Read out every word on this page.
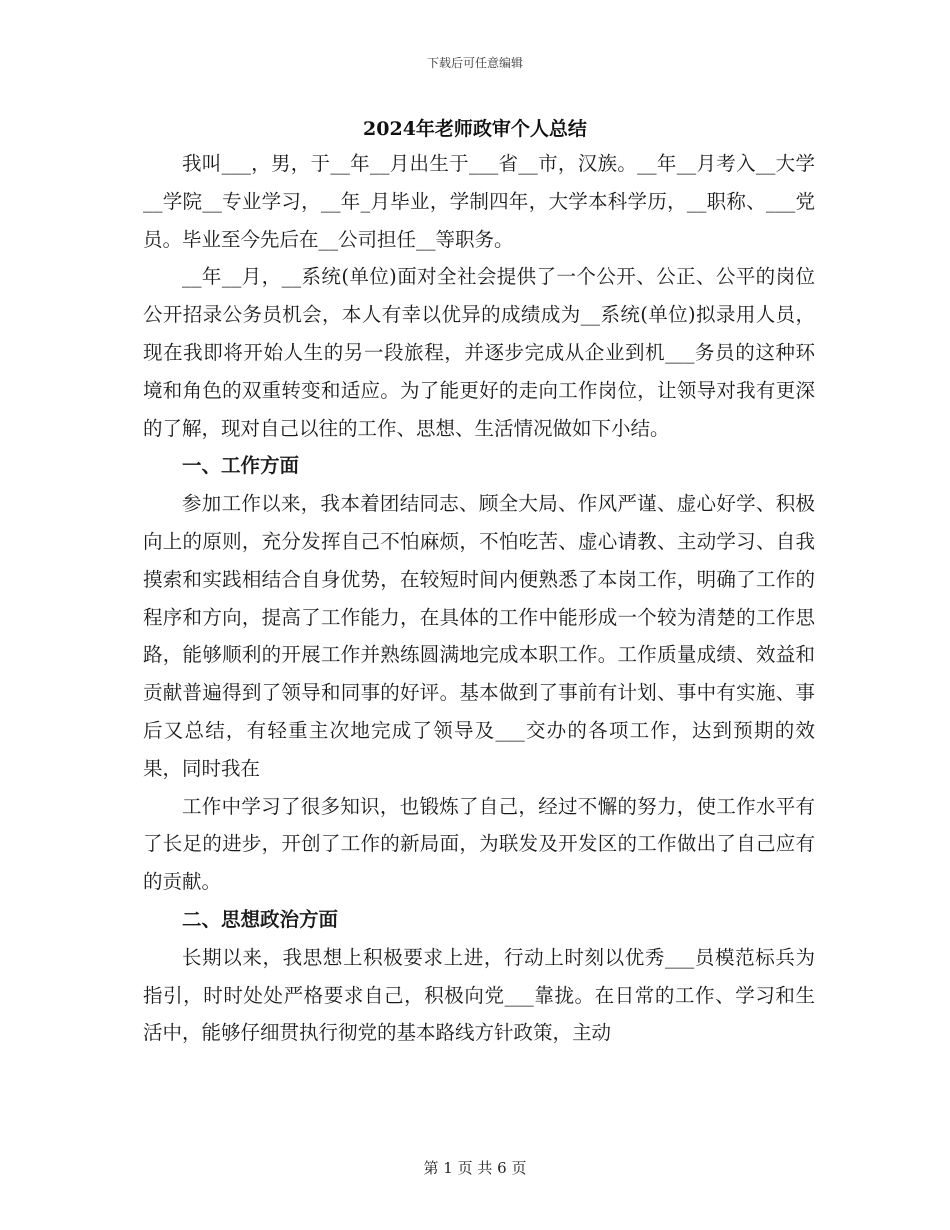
下载后可任意编辑
2024年老师政审个人总结

我叫___，男，于__年__月出生于___省__市，汉族。__年__月考入__大学__学院__专业学习，__年_月毕业，学制四年，大学本科学历，__职称、___党员。毕业至今先后在__公司担任__等职务。

__年__月，__系统(单位)面对全社会提供了一个公开、公正、公平的岗位公开招录公务员机会，本人有幸以优异的成绩成为__系统(单位)拟录用人员，现在我即将开始人生的另一段旅程，并逐步完成从企业到机___务员的这种环境和角色的双重转变和适应。为了能更好的走向工作岗位，让领导对我有更深的了解，现对自己以往的工作、思想、生活情况做如下小结。

一、工作方面

参加工作以来，我本着团结同志、顾全大局、作风严谨、虚心好学、积极向上的原则，充分发挥自己不怕麻烦，不怕吃苦、虚心请教、主动学习、自我摸索和实践相结合自身优势，在较短时间内便熟悉了本岗工作，明确了工作的程序和方向，提高了工作能力，在具体的工作中能形成一个较为清楚的工作思路，能够顺利的开展工作并熟练圆满地完成本职工作。工作质量成绩、效益和贡献普遍得到了领导和同事的好评。基本做到了事前有计划、事中有实施、事后又总结，有轻重主次地完成了领导及___交办的各项工作，达到预期的效果，同时我在

工作中学习了很多知识，也锻炼了自己，经过不懈的努力，使工作水平有了长足的进步，开创了工作的新局面，为联发及开发区的工作做出了自己应有的贡献。

二、思想政治方面

长期以来，我思想上积极要求上进，行动上时刻以优秀___员模范标兵为指引，时时处处严格要求自己，积极向党___靠拢。在日常的工作、学习和生活中，能够仔细贯执行彻党的基本路线方针政策，主动

第 1 页 共 6 页
